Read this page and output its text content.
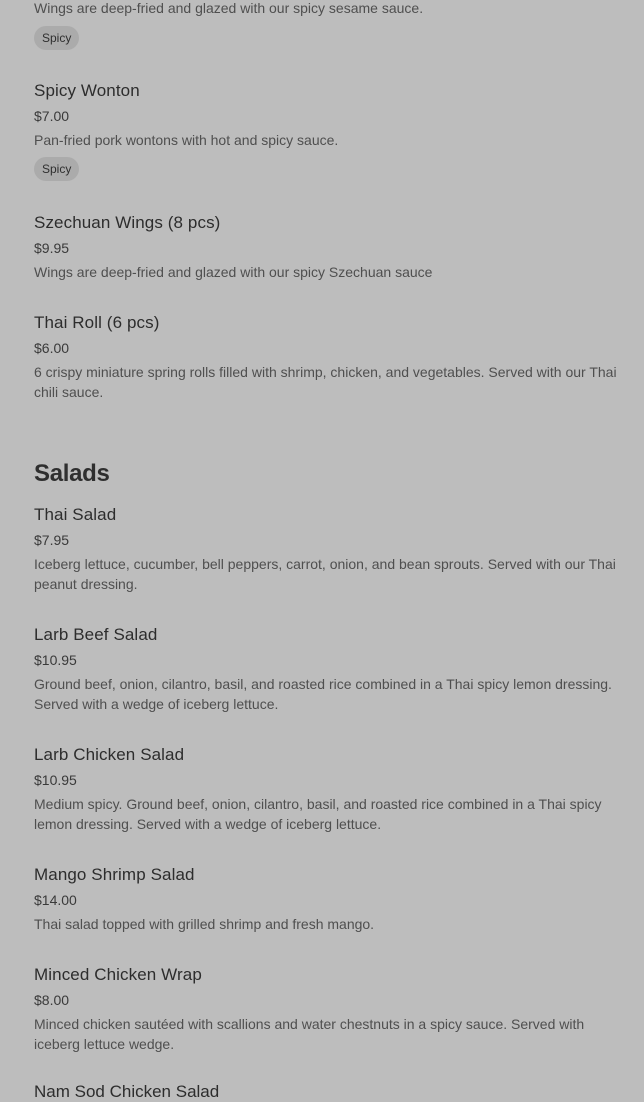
Wings are deep-fried and glazed with our spicy sesame sauce.
Spicy
Spicy Wonton
$7.00
Pan-fried pork wontons with hot and spicy sauce.
Spicy
Szechuan Wings (8 pcs)
$9.95
Wings are deep-fried and glazed with our spicy Szechuan sauce
Thai Roll (6 pcs)
$6.00
6 crispy miniature spring rolls filled with shrimp, chicken, and vegetables. Served with our Thai chili sauce.
Salads
Thai Salad
$7.95
Iceberg lettuce, cucumber, bell peppers, carrot, onion, and bean sprouts. Served with our Thai peanut dressing.
Larb Beef Salad
$10.95
Ground beef, onion, cilantro, basil, and roasted rice combined in a Thai spicy lemon dressing. Served with a wedge of iceberg lettuce.
Larb Chicken Salad
$10.95
Medium spicy. Ground beef, onion, cilantro, basil, and roasted rice combined in a Thai spicy lemon dressing. Served with a wedge of iceberg lettuce.
Mango Shrimp Salad
$14.00
Thai salad topped with grilled shrimp and fresh mango.
Minced Chicken Wrap
$8.00
Minced chicken sautéed with scallions and water chestnuts in a spicy sauce. Served with iceberg lettuce wedge.
Nam Sod Chicken Salad
